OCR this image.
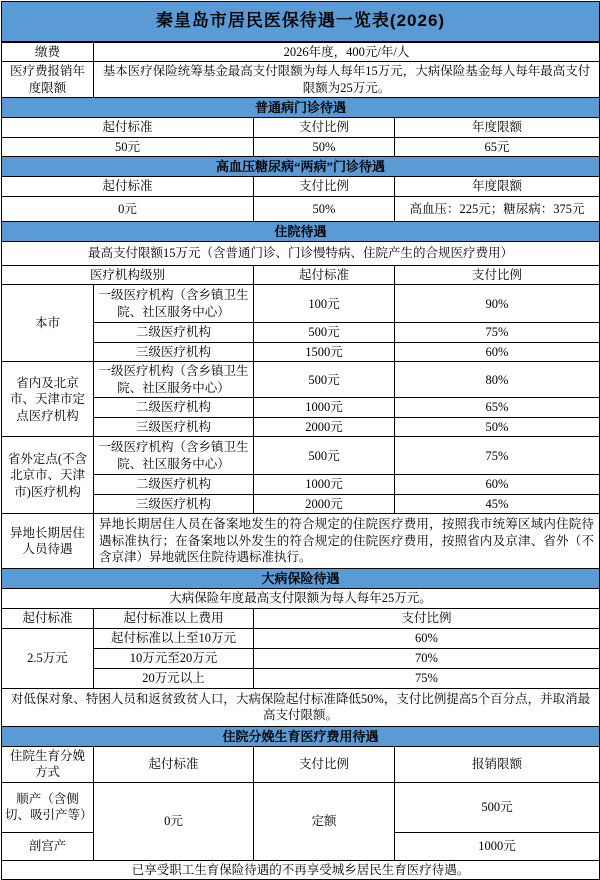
秦皇岛市居民医保待遇一览表(2026)			
缴费	2026年度，400元/年/人		
医疗费报销年度限额	基本医疗保险统筹基金最高支付限额为每人每年15万元，大病保险基金每人每年最高支付限额为25万元。		
普通病门诊待遇			
起付标准		支付比例	年度限额
50元		50%	65元
高血压糖尿病“两病”门诊待遇			
起付标准		支付比例	年度限额
0元		50%	高血压：225元；糖尿病：375元
住院待遇			
最高支付限额15万元（含普通门诊、门诊慢特病、住院产生的合规医疗费用）			
医疗机构级别		起付标准	支付比例
本市	一级医疗机构（含乡镇卫生院、社区服务中心）	100元	90%
	二级医疗机构	500元	75%
	三级医疗机构	1500元	60%
省内及北京市、天津市定点医疗机构	一级医疗机构（含乡镇卫生院、社区服务中心）	500元	80%
	二级医疗机构	1000元	65%
	三级医疗机构	2000元	50%
省外定点(不含北京市、天津市)医疗机构	一级医疗机构（含乡镇卫生院、社区服务中心）	500元	75%
	二级医疗机构	1000元	60%
	三级医疗机构	2000元	45%
异地长期居住人员待遇	异地长期居住人员在备案地发生的符合规定的住院医疗费用，按照我市统筹区域内住院待遇标准执行；在备案地以外发生的符合规定的住院医疗费用，按照省内及京津、省外（不含京津）异地就医住院待遇标准执行。		
大病保险待遇			
大病保险年度最高支付限额为每人每年25万元。			
起付标准	起付标准以上费用	支付比例	
2.5万元	起付标准以上至10万元	60%	
	10万元至20万元	70%	
	20万元以上	75%	
对低保对象、特困人员和返贫致贫人口，大病保险起付标准降低50%，支付比例提高5个百分点，并取消最高支付限额。			
住院分娩生育医疗费用待遇			
住院生育分娩方式	起付标准	支付比例	报销限额
顺产（含侧切、吸引产等）	0元	定额	500元
剖宫产			1000元
已享受职工生育保险待遇的不再享受城乡居民生育医疗待遇。			
